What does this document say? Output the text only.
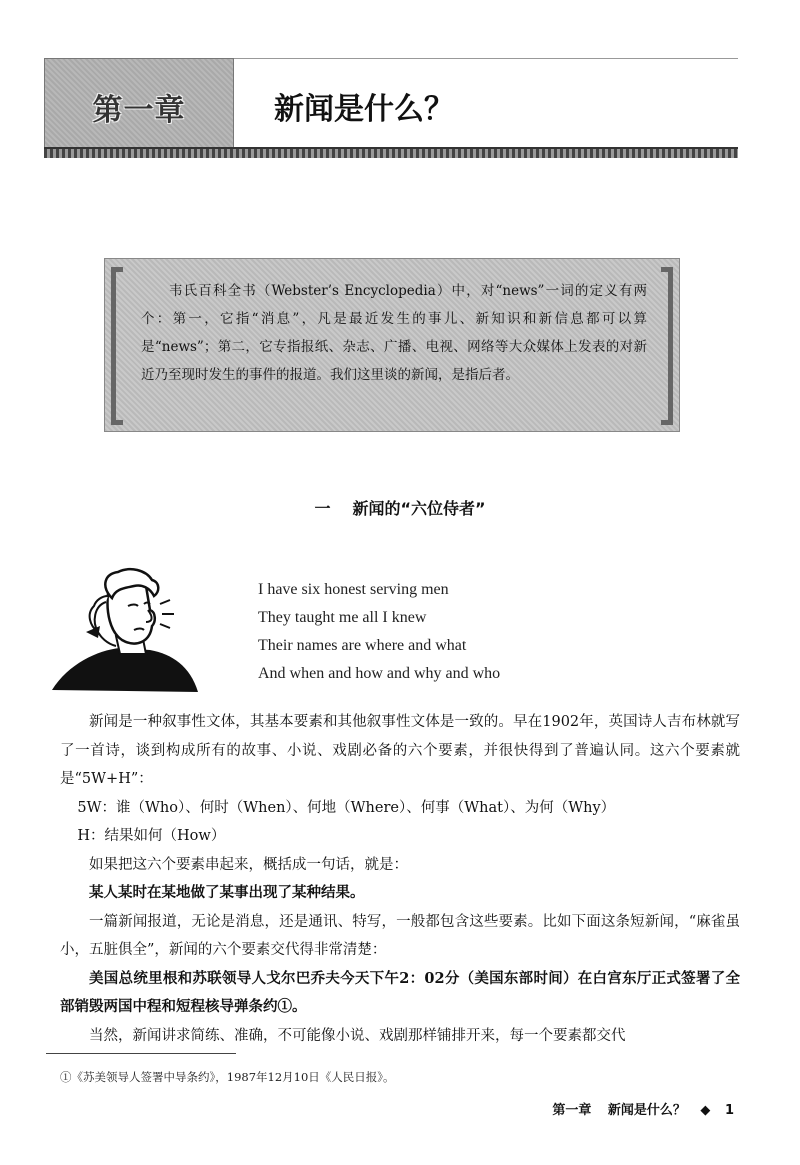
第一章	新闻是什么？

韦氏百科全书（Webster’s Encyclopedia）中，对“news”一词的定义有两个：第一，它指“消息”，凡是最近发生的事儿、新知识和新信息都可以算是“news”；第二，它专指报纸、杂志、广播、电视、网络等大众媒体上发表的对新近乃至现时发生的事件的报道。我们这里谈的新闻，是指后者。

一 新闻的“六位侍者”
I have six honest serving men
They taught me all I knew
Their names are where and what
And when and how and why and who

新闻是一种叙事性文体，其基本要素和其他叙事性文体是一致的。早在1902年，英国诗人吉布林就写了一首诗，谈到构成所有的故事、小说、戏剧必备的六个要素，并很快得到了普遍认同。这六个要素就是“5W+H”：

5W：谁（Who）、何时（When）、何地（Where）、何事（What）、为何（Why）

H：结果如何（How）

如果把这六个要素串起来，概括成一句话，就是：

某人某时在某地做了某事出现了某种结果。

一篇新闻报道，无论是消息，还是通讯、特写，一般都包含这些要素。比如下面这条短新闻，“麻雀虽小，五脏俱全”，新闻的六个要素交代得非常清楚：

美国总统里根和苏联领导人戈尔巴乔夫今天下午2：02分（美国东部时间）在白宫东厅正式签署了全部销毁两国中程和短程核导弹条约①。

当然，新闻讲求简练、准确，不可能像小说、戏剧那样铺排开来，每一个要素都交代

①《苏美领导人签署中导条约》，1987年12月10日《人民日报》。
第一章 新闻是什么？ ◆ 1
